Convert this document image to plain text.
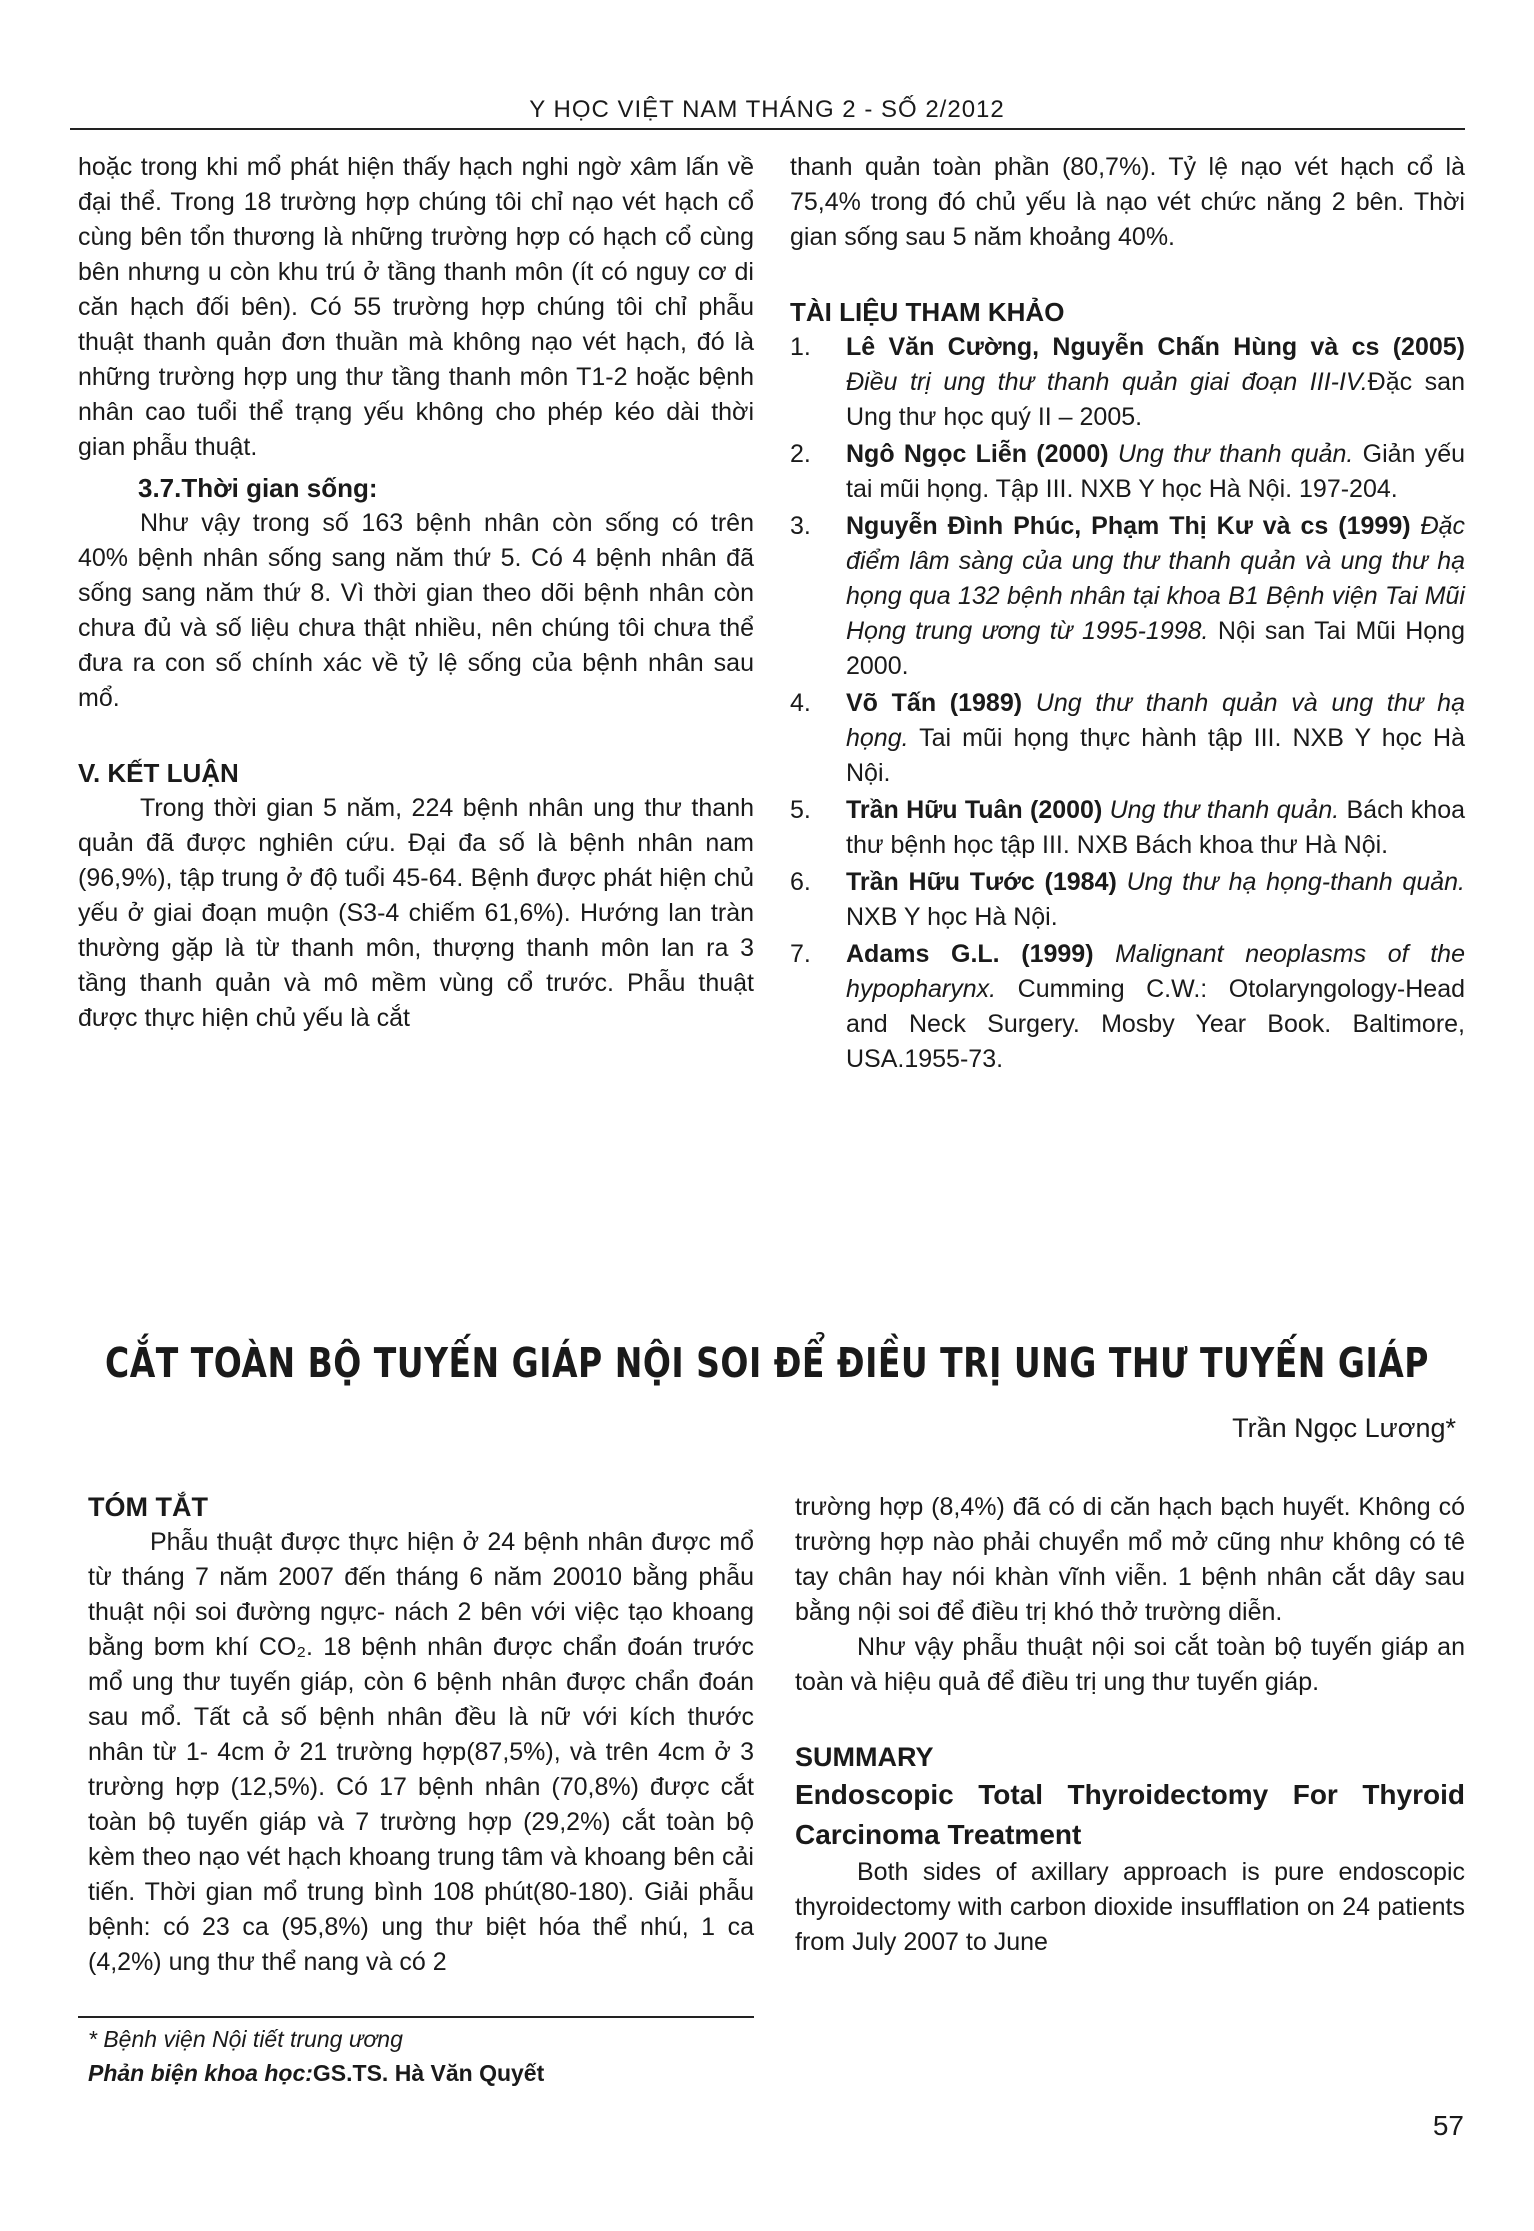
Y HỌC VIỆT NAM THÁNG 2 - SỐ 2/2012

hoặc trong khi mổ phát hiện thấy hạch nghi ngờ xâm lấn về đại thể. Trong 18 trường hợp chúng tôi chỉ nạo vét hạch cổ cùng bên tổn thương là những trường hợp có hạch cổ cùng bên nhưng u còn khu trú ở tầng thanh môn (ít có nguy cơ di căn hạch đối bên). Có 55 trường hợp chúng tôi chỉ phẫu thuật thanh quản đơn thuần mà không nạo vét hạch, đó là những trường hợp ung thư tầng thanh môn T1-2 hoặc bệnh nhân cao tuổi thể trạng yếu không cho phép kéo dài thời gian phẫu thuật.

3.7.Thời gian sống:

Như vậy trong số 163 bệnh nhân còn sống có trên 40% bệnh nhân sống sang năm thứ 5. Có 4 bệnh nhân đã sống sang năm thứ 8. Vì thời gian theo dõi bệnh nhân còn chưa đủ và số liệu chưa thật nhiều, nên chúng tôi chưa thể đưa ra con số chính xác về tỷ lệ sống của bệnh nhân sau mổ.

V. KẾT LUẬN

Trong thời gian 5 năm, 224 bệnh nhân ung thư thanh quản đã được nghiên cứu. Đại đa số là bệnh nhân nam (96,9%), tập trung ở độ tuổi 45-64. Bệnh được phát hiện chủ yếu ở giai đoạn muộn (S3-4 chiếm 61,6%). Hướng lan tràn thường gặp là từ thanh môn, thượng thanh môn lan ra 3 tầng thanh quản và mô mềm vùng cổ trước. Phẫu thuật được thực hiện chủ yếu là cắt

thanh quản toàn phần (80,7%). Tỷ lệ nạo vét hạch cổ là 75,4% trong đó chủ yếu là nạo vét chức năng 2 bên. Thời gian sống sau 5 năm khoảng 40%.

TÀI LIỆU THAM KHẢO

1. Lê Văn Cường, Nguyễn Chấn Hùng và cs (2005) Điều trị ung thư thanh quản giai đoạn III-IV.Đặc san Ung thư học quý II – 2005.
2. Ngô Ngọc Liễn (2000) Ung thư thanh quản. Giản yếu tai mũi họng. Tập III. NXB Y học Hà Nội. 197-204.
3. Nguyễn Đình Phúc, Phạm Thị Kư và cs (1999) Đặc điểm lâm sàng của ung thư thanh quản và ung thư hạ họng qua 132 bệnh nhân tại khoa B1 Bệnh viện Tai Mũi Họng trung ương từ 1995-1998. Nội san Tai Mũi Họng 2000.
4. Võ Tấn (1989) Ung thư thanh quản và ung thư hạ họng. Tai mũi họng thực hành tập III. NXB Y học Hà Nội.
5. Trần Hữu Tuân (2000) Ung thư thanh quản. Bách khoa thư bệnh học tập III. NXB Bách khoa thư Hà Nội.
6. Trần Hữu Tước (1984) Ung thư hạ họng-thanh quản. NXB Y học Hà Nội.
7. Adams G.L. (1999) Malignant neoplasms of the hypopharynx. Cumming C.W.: Otolaryngology-Head and Neck Surgery. Mosby Year Book. Baltimore, USA.1955-73.
CẮT TOÀN BỘ TUYẾN GIÁP NỘI SOI ĐỂ ĐIỀU TRỊ UNG THƯ TUYẾN GIÁP
Trần Ngọc Lương*

TÓM TẮT

Phẫu thuật được thực hiện ở 24 bệnh nhân được mổ từ tháng 7 năm 2007 đến tháng 6 năm 20010 bằng phẫu thuật nội soi đường ngực- nách 2 bên với việc tạo khoang bằng bơm khí CO₂. 18 bệnh nhân được chẩn đoán trước mổ ung thư tuyến giáp, còn 6 bệnh nhân được chẩn đoán sau mổ. Tất cả số bệnh nhân đều là nữ với kích thước nhân từ 1- 4cm ở 21 trường hợp(87,5%), và trên 4cm ở 3 trường hợp (12,5%). Có 17 bệnh nhân (70,8%) được cắt toàn bộ tuyến giáp và 7 trường hợp (29,2%) cắt toàn bộ kèm theo nạo vét hạch khoang trung tâm và khoang bên cải tiến. Thời gian mổ trung bình 108 phút(80-180). Giải phẫu bệnh: có 23 ca (95,8%) ung thư biệt hóa thể nhú, 1 ca (4,2%) ung thư thể nang và có 2

trường hợp (8,4%) đã có di căn hạch bạch huyết. Không có trường hợp nào phải chuyển mổ mở cũng như không có tê tay chân hay nói khàn vĩnh viễn. 1 bệnh nhân cắt dây sau bằng nội soi để điều trị khó thở trường diễn.

Như vậy phẫu thuật nội soi cắt toàn bộ tuyến giáp an toàn và hiệu quả để điều trị ung thư tuyến giáp.

SUMMARY

Endoscopic Total Thyroidectomy For Thyroid Carcinoma Treatment

Both sides of axillary approach is pure endoscopic thyroidectomy with carbon dioxide insufflation on 24 patients from July 2007 to June

* Bệnh viện Nội tiết trung ương
Phản biện khoa học:GS.TS. Hà Văn Quyết
57
